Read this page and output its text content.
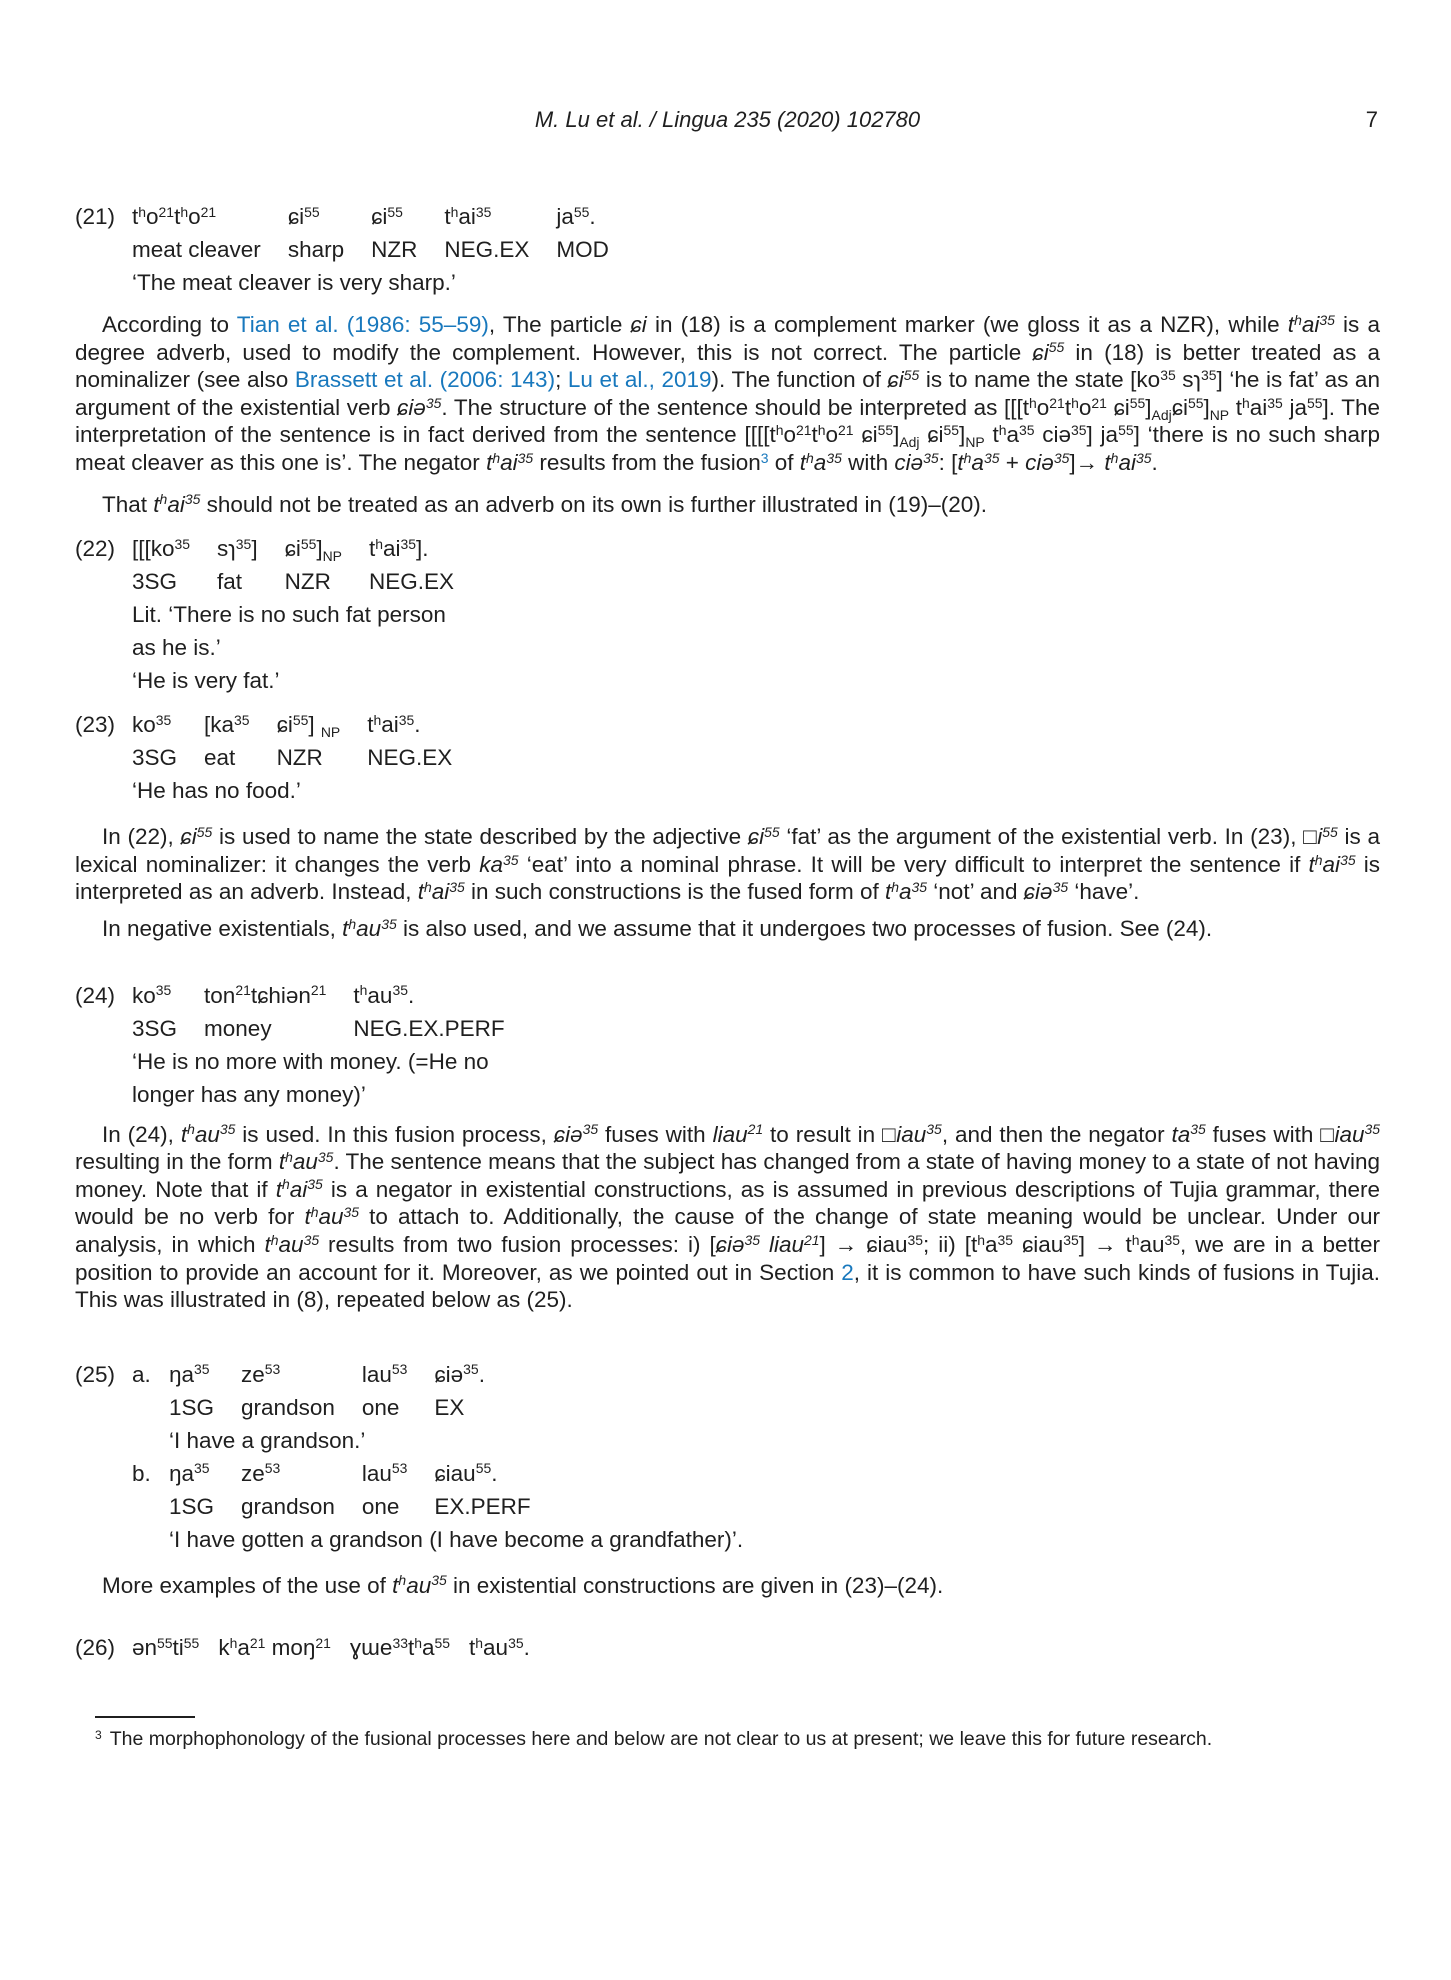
M. Lu et al. / Lingua 235 (2020) 102780	7
(21) $t^ho^{21}t^ho^{21}$
meat cleaver
ɕi$^{55}$
sharp
ɕi$^{55}$
NZR
$t^hai^{35}$
NEG.EX
$ja^{55}$.
MOD
‘The meat cleaver is very sharp.’

According to Tian et al. (1986: 55–59), The particle ɕi in (18) is a complement marker (we gloss it as a NZR), while $t^hai^{35}$ is a degree adverb, used to modify the complement. However, this is not correct. The particle ɕi$^{55}$ in (18) is better treated as a nominalizer (see also Brassett et al. (2006: 143); Lu et al., 2019). The function of ɕi$^{55}$ is to name the state [$ko^{35}$ sɿ$^{35}$] ‘he is fat’ as an argument of the existential verb ɕiə$^{35}$. The structure of the sentence should be interpreted as [[[$t^ho^{21}t^ho^{21}$ $ɕi^{55}]_{Adj}ɕi^{55}]_{NP}$ $t^hai^{35}$ $ja^{55}$]. The interpretation of the sentence is in fact derived from the sentence [[[[$t^ho^{21}t^ho^{21}$ $ɕi^{55}]_{Adj}$ $ɕi^{55}]_{NP}$ $t^ha^{35}$ ciə$^{35}$] $ja^{55}$] ‘there is no such sharp meat cleaver as this one is’. The negator $t^hai^{35}$ results from the fusion$^3$ of $t^ha^{35}$ with ciə$^{35}$: [$t^ha^{35}$ + ciə$^{35}$]→ $t^hai^{35}$.

That $t^hai^{35}$ should not be treated as an adverb on its own is further illustrated in (19)–(20).

(22) [[[$ko^{35}$
3SG
sɿ$^{35}$]
fat
$ɕi^{55}]_{NP}$
NZR
$t^hai^{35}$].
NEG.EX
Lit. ‘There is no such fat person
as he is.’
‘He is very fat.’
(23) $ko^{35}$
3SG
[$ka^{35}$
eat
ɕi$^{55}$] $_{NP}$
NZR
$t^hai^{35}$.
NEG.EX
‘He has no food.’

In (22), ɕi$^{55}$ is used to name the state described by the adjective ɕi$^{55}$ ‘fat’ as the argument of the existential verb. In (23), $□i^{55}$ is a lexical nominalizer: it changes the verb $ka^{35}$ ‘eat’ into a nominal phrase. It will be very difficult to interpret the sentence if $t^hai^{35}$ is interpreted as an adverb. Instead, $t^hai^{35}$ in such constructions is the fused form of $t^ha^{35}$ ‘not’ and ɕiə$^{35}$ ‘have’.

In negative existentials, $t^hau^{35}$ is also used, and we assume that it undergoes two processes of fusion. See (24).

(24) $ko^{35}$
3SG
ton$^{21}$tɕhiən$^{21}$
money
$t^hau^{35}$.
NEG.EX.PERF
‘He is no more with money. (=He no
longer has any money)’

In (24), $t^hau^{35}$ is used. In this fusion process, ɕiə$^{35}$ fuses with liau$^{21}$ to result in □iau$^{35}$, and then the negator $ta^{35}$ fuses with □iau$^{35}$ resulting in the form $t^hau^{35}$. The sentence means that the subject has changed from a state of having money to a state of not having money. Note that if $t^hai^{35}$ is a negator in existential constructions, as is assumed in previous descriptions of Tujia grammar, there would be no verb for $t^hau^{35}$ to attach to. Additionally, the cause of the change of state meaning would be unclear. Under our analysis, in which $t^hau^{35}$ results from two fusion processes: i) [ɕiə$^{35}$ liau$^{21}$] → ɕiau$^{35}$; ii) [$t^ha^{35}$ ɕiau$^{35}$] → $t^hau^{35}$, we are in a better position to provide an account for it. Moreover, as we pointed out in Section 2, it is common to have such kinds of fusions in Tujia. This was illustrated in (8), repeated below as (25).

(25) a. $ŋa^{35}$
1SG
$ze^{53}$
grandson
lau$^{53}$
one
ɕiə$^{35}$.
EX
‘I have a grandson.’
b. $ŋa^{35}$
1SG
$ze^{53}$
grandson
lau$^{53}$
one
ɕiau$^{55}$.
EX.PERF
‘I have gotten a grandson (I have become a grandfather)’.

More examples of the use of $t^hau^{35}$ in existential constructions are given in (23)–(24).

(26) $ən^{55}ti^{55}$ $k^ha^{21}$ moŋ$^{21}$ $ɣɯe^{33}t^ha^{55}$ $t^hau^{35}$.

$^3$ The morphophonology of the fusional processes here and below are not clear to us at present; we leave this for future research.
